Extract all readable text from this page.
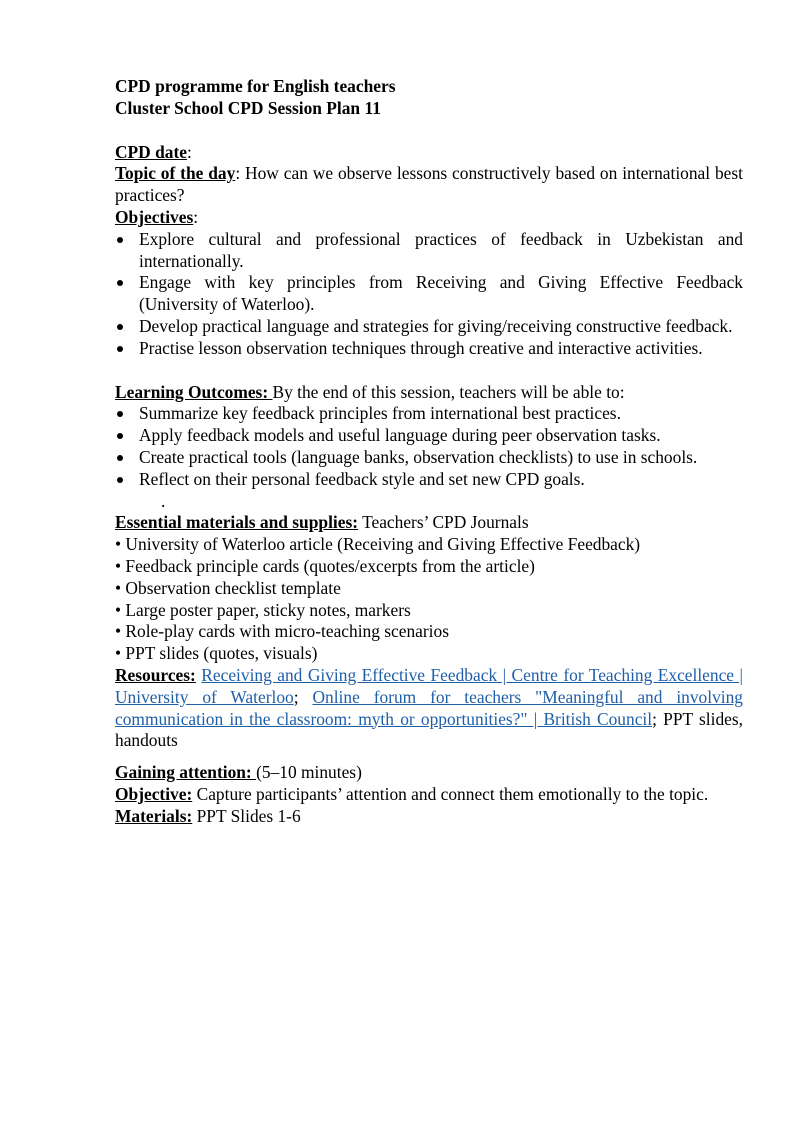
CPD programme for English teachers

Cluster School CPD Session Plan 11

CPD date:

Topic of the day: How can we observe lessons constructively based on international best practices?

Objectives:

Explore cultural and professional practices of feedback in Uzbekistan and internationally.
Engage with key principles from Receiving and Giving Effective Feedback (University of Waterloo).
Develop practical language and strategies for giving/receiving constructive feedback.
Practise lesson observation techniques through creative and interactive activities.

Learning Outcomes: By the end of this session, teachers will be able to:

Summarize key feedback principles from international best practices.
Apply feedback models and useful language during peer observation tasks.
Create practical tools (language banks, observation checklists) to use in schools.
Reflect on their personal feedback style and set new CPD goals.

.

Essential materials and supplies: Teachers’ CPD Journals

• University of Waterloo article (Receiving and Giving Effective Feedback)

• Feedback principle cards (quotes/excerpts from the article)

• Observation checklist template

• Large poster paper, sticky notes, markers

• Role-play cards with micro-teaching scenarios

• PPT slides (quotes, visuals)

Resources: Receiving and Giving Effective Feedback | Centre for Teaching Excellence | University of Waterloo; Online forum for teachers "Meaningful and involving communication in the classroom: myth or opportunities?" | British Council; PPT slides, handouts

Gaining attention: (5–10 minutes)

Objective: Capture participants’ attention and connect them emotionally to the topic.

Materials: PPT Slides 1-6
